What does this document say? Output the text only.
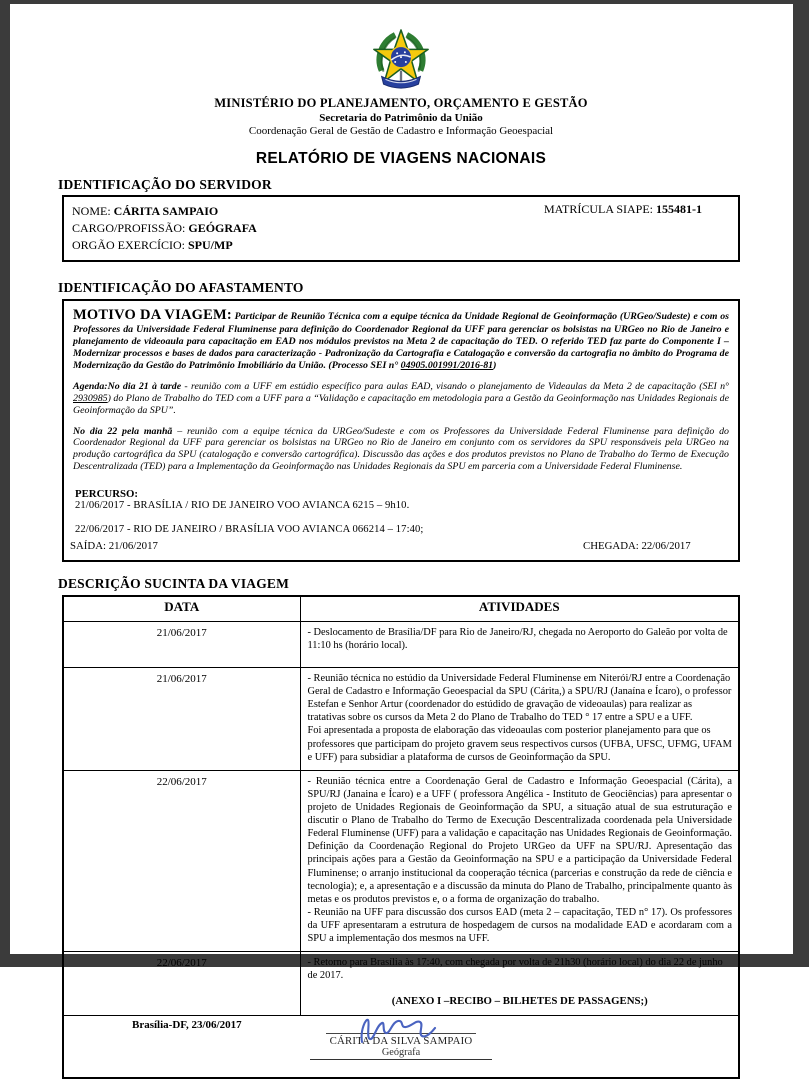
MINISTÉRIO DO PLANEJAMENTO, ORÇAMENTO E GESTÃO
Secretaria do Patrimônio da União
Coordenação Geral de Gestão de Cadastro e Informação Geoespacial
RELATÓRIO DE VIAGENS NACIONAIS
IDENTIFICAÇÃO DO SERVIDOR
NOME: CÁRITA SAMPAIO	MATRÍCULA SIAPE: 155481-1
CARGO/PROFISSÃO: GEÓGRAFA
ORGÃO EXERCÍCIO: SPU/MP
IDENTIFICAÇÃO DO AFASTAMENTO
MOTIVO DA VIAGEM: Participar de Reunião Técnica com a equipe técnica da Unidade Regional de Geoinformação (URGeo/Sudeste) e com os Professores da Universidade Federal Fluminense para definição do Coordenador Regional da UFF para gerenciar os bolsistas na URGeo no Rio de Janeiro e planejamento de videoaula para capacitação em EAD nos módulos previstos na Meta 2 de capacitação do TED. O referido TED faz parte do Componente I – Modernizar processos e bases de dados para caracterização - Padronização da Cartografia e Catalogação e conversão da cartografia no âmbito do Programa de Modernização da Gestão do Patrimônio Imobiliário da União. (Processo SEI n° 04905.001991/2016-81)
Agenda:No dia 21 à tarde - reunião com a UFF em estúdio específico para aulas EAD, visando o planejamento de Videaulas da Meta 2 de capacitação (SEI n° 2930985) do Plano de Trabalho do TED com a UFF para a “Validação e capacitação em metodologia para a Gestão da Geoinformação nas Unidades Regionais de Geoinformação da SPU”.
No dia 22 pela manhã – reunião com a equipe técnica da URGeo/Sudeste e com os Professores da Universidade Federal Fluminense para definição do Coordenador Regional da UFF para gerenciar os bolsistas na URGeo no Rio de Janeiro em conjunto com os servidores da SPU responsáveis pela URGeo na produção cartográfica da SPU (catalogação e conversão cartográfica). Discussão das ações e dos produtos previstos no Plano de Trabalho do Termo de Execução Descentralizada (TED) para a Implementação da Geoinformação nas Unidades Regionais da SPU em parceria com a Universidade Federal Fluminense.
PERCURSO:
21/06/2017 - BRASÍLIA / RIO DE JANEIRO VOO AVIANCA 6215 – 9h10.
22/06/2017 - RIO DE JANEIRO / BRASÍLIA VOO AVIANCA 066214 – 17:40;
SAÍDA: 21/06/2017	CHEGADA: 22/06/2017
DESCRIÇÃO SUCINTA DA VIAGEM
DATA	ATIVIDADES
21/06/2017	- Deslocamento de Brasília/DF para Rio de Janeiro/RJ, chegada no Aeroporto do Galeão por volta de 11:10 hs (horário local).

21/06/2017	- Reunião técnica no estúdio da Universidade Federal Fluminense em Niterói/RJ entre a Coordenação Geral de Cadastro e Informação Geoespacial da SPU (Cárita,) a SPU/RJ (Janaína e Ícaro), o professor Estefan e Senhor Artur (coordenador do estúdido de gravação de videoaulas) para realizar as tratativas sobre os cursos da Meta 2 do Plano de Trabalho do TED ° 17 entre a SPU e a UFF.
Foi apresentada a proposta de elaboração das videoaulas com posterior planejamento para que os professores que participam do projeto gravem seus respectivos cursos (UFBA, UFSC, UFMG, UFAM e UFF) para subsidiar a plataforma de cursos de Geoinformação da SPU.

22/06/2017	- Reunião técnica entre a Coordenação Geral de Cadastro e Informação Geoespacial (Cárita), a SPU/RJ (Janaina e Ícaro) e a UFF ( professora Angélica - Instituto de Geociências) para apresentar o projeto de Unidades Regionais de Geoinformação da SPU, a situação atual de sua estruturação e discutir o Plano de Trabalho do Termo de Execução Descentralizada coordenada pela Universidade Federal Fluminense (UFF) para a validação e capacitação nas Unidades Regionais de Geoinformação. Definição da Coordenação Regional do Projeto URGeo da UFF na SPU/RJ. Apresentação das principais ações para a Gestão da Geoinformação na SPU e a participação da Universidade Federal Fluminense; o arranjo institucional da cooperação técnica (parcerias e construção da rede de ciência e tecnologia); e, a apresentação e a discussão da minuta do Plano de Trabalho, principalmente quanto às metas e os produtos previstos e, o a forma de organização do trabalho.
- Reunião na UFF para discussão dos cursos EAD (meta 2 – capacitação, TED n° 17). Os professores da UFF apresentaram a estrutura de hospedagem de cursos na modalidade EAD e acordaram com a SPU a implementação dos mesmos na UFF.

22/06/2017	- Retorno para Brasília às 17:40, com chegada por volta de 21h30 (horário local) do dia 22 de junho de 2017.
(ANEXO I –RECIBO – BILHETES DE PASSAGENS;)

Brasília-DF, 23/06/2017
CÁRITA DA SILVA SAMPAIO
Geógrafa	
